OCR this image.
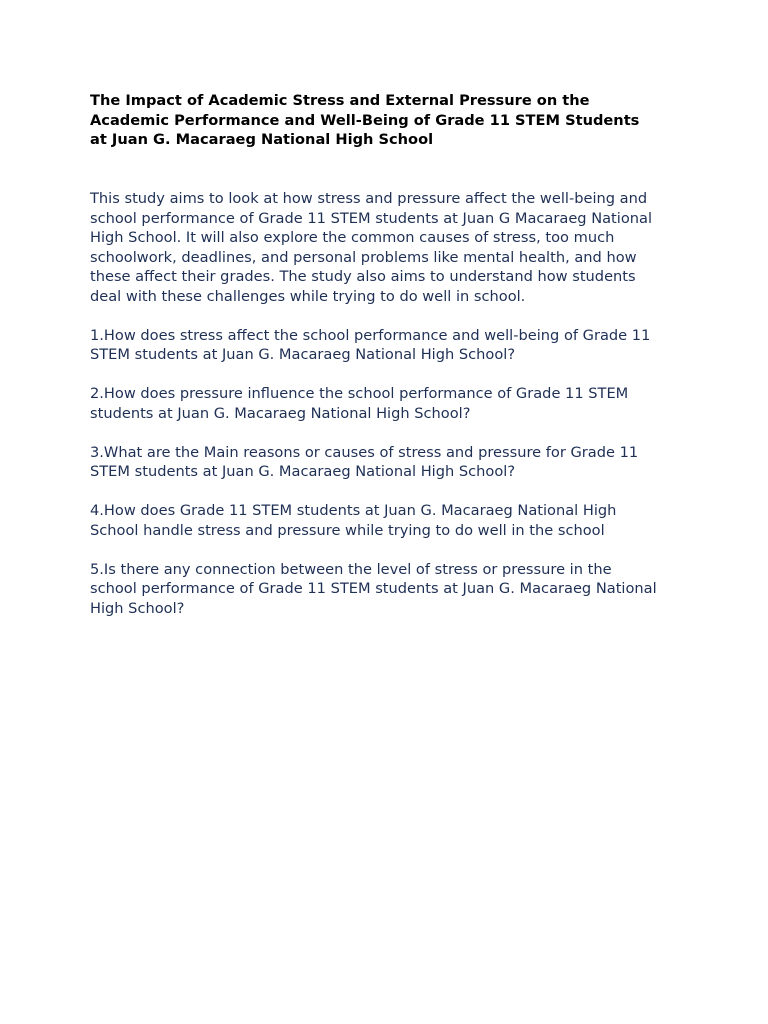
The Impact of Academic Stress and External Pressure on the
Academic Performance and Well-Being of Grade 11 STEM Students
at Juan G. Macaraeg National High School

This study aims to look at how stress and pressure affect the well-being and
school performance of Grade 11 STEM students at Juan G Macaraeg National
High School. It will also explore the common causes of stress, too much
schoolwork, deadlines, and personal problems like mental health, and how
these affect their grades. The study also aims to understand how students
deal with these challenges while trying to do well in school.

1.How does stress affect the school performance and well-being of Grade 11
STEM students at Juan G. Macaraeg National High School?

2.How does pressure influence the school performance of Grade 11 STEM
students at Juan G. Macaraeg National High School?

3.What are the Main reasons or causes of stress and pressure for Grade 11
STEM students at Juan G. Macaraeg National High School?

4.How does Grade 11 STEM students at Juan G. Macaraeg National High
School handle stress and pressure while trying to do well in the school

5.Is there any connection between the level of stress or pressure in the
school performance of Grade 11 STEM students at Juan G. Macaraeg National
High School?
